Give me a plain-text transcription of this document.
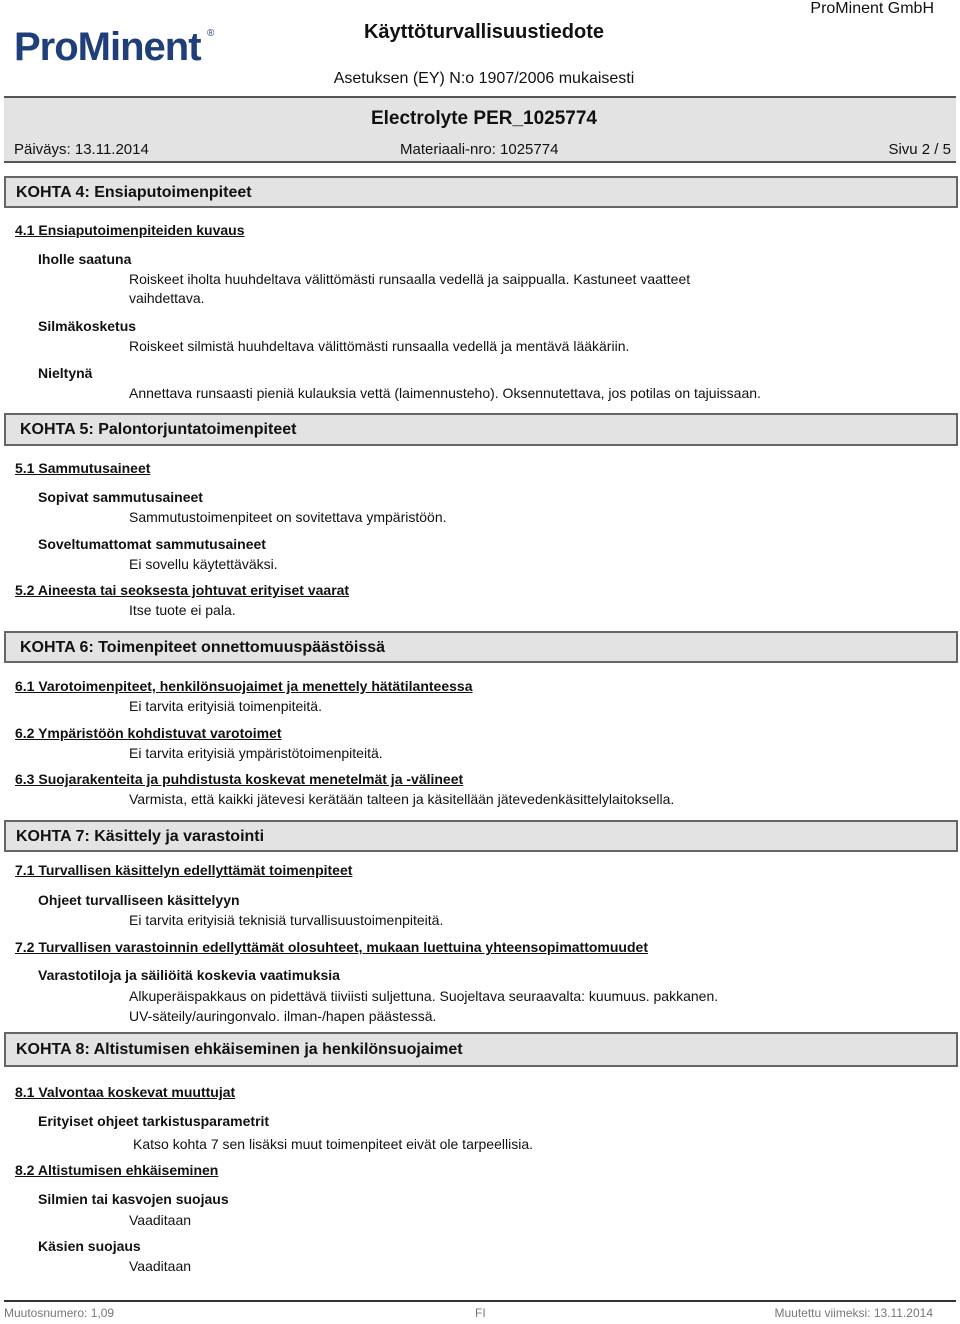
ProMinent ®	Käyttöturvallisuustiedote
ProMinent GmbH
Asetuksen (EY) N:o 1907/2006 mukaisesti
Electrolyte PER_1025774
Päiväys: 13.11.2014	Materiaali-nro: 1025774	Sivu 2 / 5
KOHTA 4: Ensiaputoimenpiteet
4.1 Ensiaputoimenpiteiden kuvaus
Iholle saatuna
Roiskeet iholta huuhdeltava välittömästi runsaalla vedellä ja saippualla. Kastuneet vaatteet
vaihdettava.
Silmäkosketus
Roiskeet silmistä huuhdeltava välittömästi runsaalla vedellä ja mentävä lääkäriin.
Nieltynä
Annettava runsaasti pieniä kulauksia vettä (laimennusteho). Oksennutettava, jos potilas on tajuissaan.
KOHTA 5: Palontorjuntatoimenpiteet
5.1 Sammutusaineet
Sopivat sammutusaineet
Sammutustoimenpiteet on sovitettava ympäristöön.
Soveltumattomat sammutusaineet
Ei sovellu käytettäväksi.
5.2 Aineesta tai seoksesta johtuvat erityiset vaarat
Itse tuote ei pala.
KOHTA 6: Toimenpiteet onnettomuuspäästöissä
6.1 Varotoimenpiteet, henkilönsuojaimet ja menettely hätätilanteessa
Ei tarvita erityisiä toimenpiteitä.
6.2 Ympäristöön kohdistuvat varotoimet
Ei tarvita erityisiä ympäristötoimenpiteitä.
6.3 Suojarakenteita ja puhdistusta koskevat menetelmät ja -välineet
Varmista, että kaikki jätevesi kerätään talteen ja käsitellään jätevedenkäsittelylaitoksella.
KOHTA 7: Käsittely ja varastointi
7.1 Turvallisen käsittelyn edellyttämät toimenpiteet
Ohjeet turvalliseen käsittelyyn
Ei tarvita erityisiä teknisiä turvallisuustoimenpiteitä.
7.2 Turvallisen varastoinnin edellyttämät olosuhteet, mukaan luettuina yhteensopimattomuudet
Varastotiloja ja säiliöitä koskevia vaatimuksia
Alkuperäispakkaus on pidettävä tiiviisti suljettuna. Suojeltava seuraavalta: kuumuus. pakkanen.
UV-säteily/auringonvalo. ilman-/hapen päästessä.
KOHTA 8: Altistumisen ehkäiseminen ja henkilönsuojaimet
8.1 Valvontaa koskevat muuttujat
Erityiset ohjeet tarkistusparametrit
Katso kohta 7 sen lisäksi muut toimenpiteet eivät ole tarpeellisia.
8.2 Altistumisen ehkäiseminen
Silmien tai kasvojen suojaus
Vaaditaan
Käsien suojaus
Vaaditaan
Muutosnumero: 1,09	FI	Muutettu viimeksi: 13.11.2014
